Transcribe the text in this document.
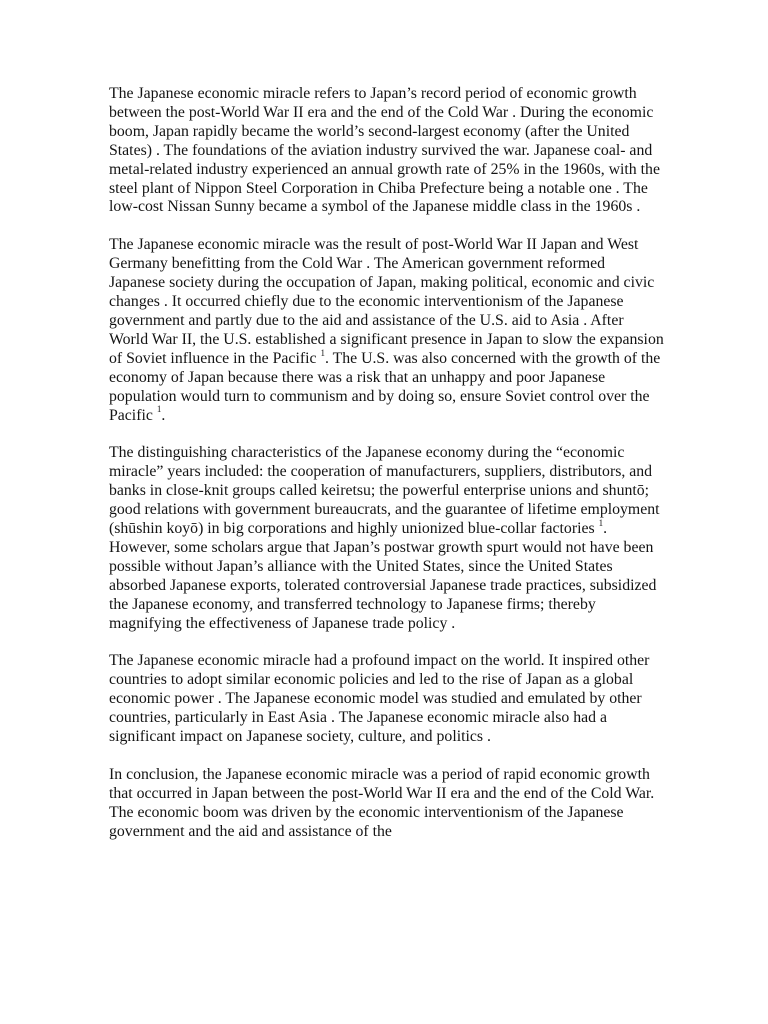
The Japanese economic miracle refers to Japan’s record period of economic growth between the post-World War II era and the end of the Cold War . During the economic boom, Japan rapidly became the world’s second-largest economy (after the United States) . The foundations of the aviation industry survived the war. Japanese coal- and metal-related industry experienced an annual growth rate of 25% in the 1960s, with the steel plant of Nippon Steel Corporation in Chiba Prefecture being a notable one . The low-cost Nissan Sunny became a symbol of the Japanese middle class in the 1960s .

The Japanese economic miracle was the result of post-World War II Japan and West Germany benefitting from the Cold War . The American government reformed Japanese society during the occupation of Japan, making political, economic and civic changes . It occurred chiefly due to the economic interventionism of the Japanese government and partly due to the aid and assistance of the U.S. aid to Asia . After World War II, the U.S. established a significant presence in Japan to slow the expansion of Soviet influence in the Pacific $^1$. The U.S. was also concerned with the growth of the economy of Japan because there was a risk that an unhappy and poor Japanese population would turn to communism and by doing so, ensure Soviet control over the Pacific $^1$.

The distinguishing characteristics of the Japanese economy during the “economic miracle” years included: the cooperation of manufacturers, suppliers, distributors, and banks in close-knit groups called keiretsu; the powerful enterprise unions and shuntō; good relations with government bureaucrats, and the guarantee of lifetime employment (shūshin koyō) in big corporations and highly unionized blue-collar factories $^1$. However, some scholars argue that Japan’s postwar growth spurt would not have been possible without Japan’s alliance with the United States, since the United States absorbed Japanese exports, tolerated controversial Japanese trade practices, subsidized the Japanese economy, and transferred technology to Japanese firms; thereby magnifying the effectiveness of Japanese trade policy .

The Japanese economic miracle had a profound impact on the world. It inspired other countries to adopt similar economic policies and led to the rise of Japan as a global economic power . The Japanese economic model was studied and emulated by other countries, particularly in East Asia . The Japanese economic miracle also had a significant impact on Japanese society, culture, and politics .

In conclusion, the Japanese economic miracle was a period of rapid economic growth that occurred in Japan between the post-World War II era and the end of the Cold War. The economic boom was driven by the economic interventionism of the Japanese government and the aid and assistance of the
